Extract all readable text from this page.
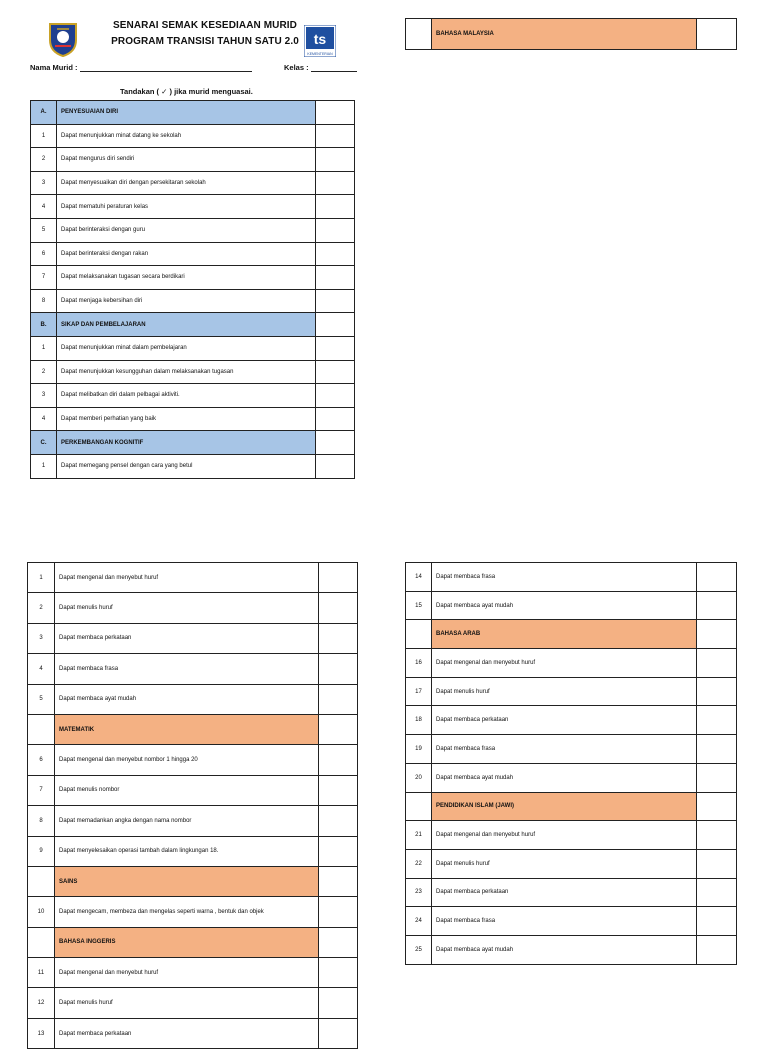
SENARAI SEMAK KESEDIAAN MURID
PROGRAM TRANSISI TAHUN SATU 2.0	ts
KEMENTERIAN
Nama Murid :	Kelas :
Tandakan ( ✓ ) jika murid menguasai.
	BAHASA MALAYSIA	
A.	PENYESUAIAN DIRI	
1	Dapat menunjukkan minat datang ke sekolah	
2	Dapat mengurus diri sendiri	
3	Dapat menyesuaikan diri dengan persekitaran sekolah	
4	Dapat mematuhi peraturan kelas	
5	Dapat berinteraksi dengan guru	
6	Dapat berinteraksi dengan rakan	
7	Dapat melaksanakan tugasan secara berdikari	
8	Dapat menjaga kebersihan diri	
B.	SIKAP DAN PEMBELAJARAN	
1	Dapat menunjukkan minat dalam pembelajaran	
2	Dapat menunjukkan kesungguhan dalam melaksanakan tugasan	
3	Dapat melibatkan diri dalam pelbagai aktiviti.	
4	Dapat memberi perhatian yang baik	
C.	PERKEMBANGAN KOGNITIF	
1	Dapat memegang pensel dengan cara yang betul	
1	Dapat mengenal dan menyebut huruf	
2	Dapat menulis huruf	
3	Dapat membaca perkataan	
4	Dapat membaca frasa	
5	Dapat membaca ayat mudah	
	MATEMATIK	
6	Dapat mengenal dan menyebut nombor 1 hingga 20	
7	Dapat menulis nombor	
8	Dapat memadankan angka dengan nama nombor	
9	Dapat menyelesaikan operasi tambah dalam lingkungan 18.	
	SAINS	
10	Dapat mengecam, membeza dan mengelas seperti warna , bentuk dan objek	
	BAHASA INGGERIS	
11	Dapat mengenal dan menyebut huruf	
12	Dapat menulis huruf	
13	Dapat membaca perkataan	
14	Dapat membaca frasa	
15	Dapat membaca ayat mudah	
	BAHASA ARAB	
16	Dapat mengenal dan menyebut huruf	
17	Dapat menulis huruf	
18	Dapat membaca perkataan	
19	Dapat membaca frasa	
20	Dapat membaca ayat mudah	
	PENDIDIKAN ISLAM (JAWI)	
21	Dapat mengenal dan menyebut huruf	
22	Dapat menulis huruf	
23	Dapat membaca perkataan	
24	Dapat membaca frasa	
25	Dapat membaca ayat mudah	
